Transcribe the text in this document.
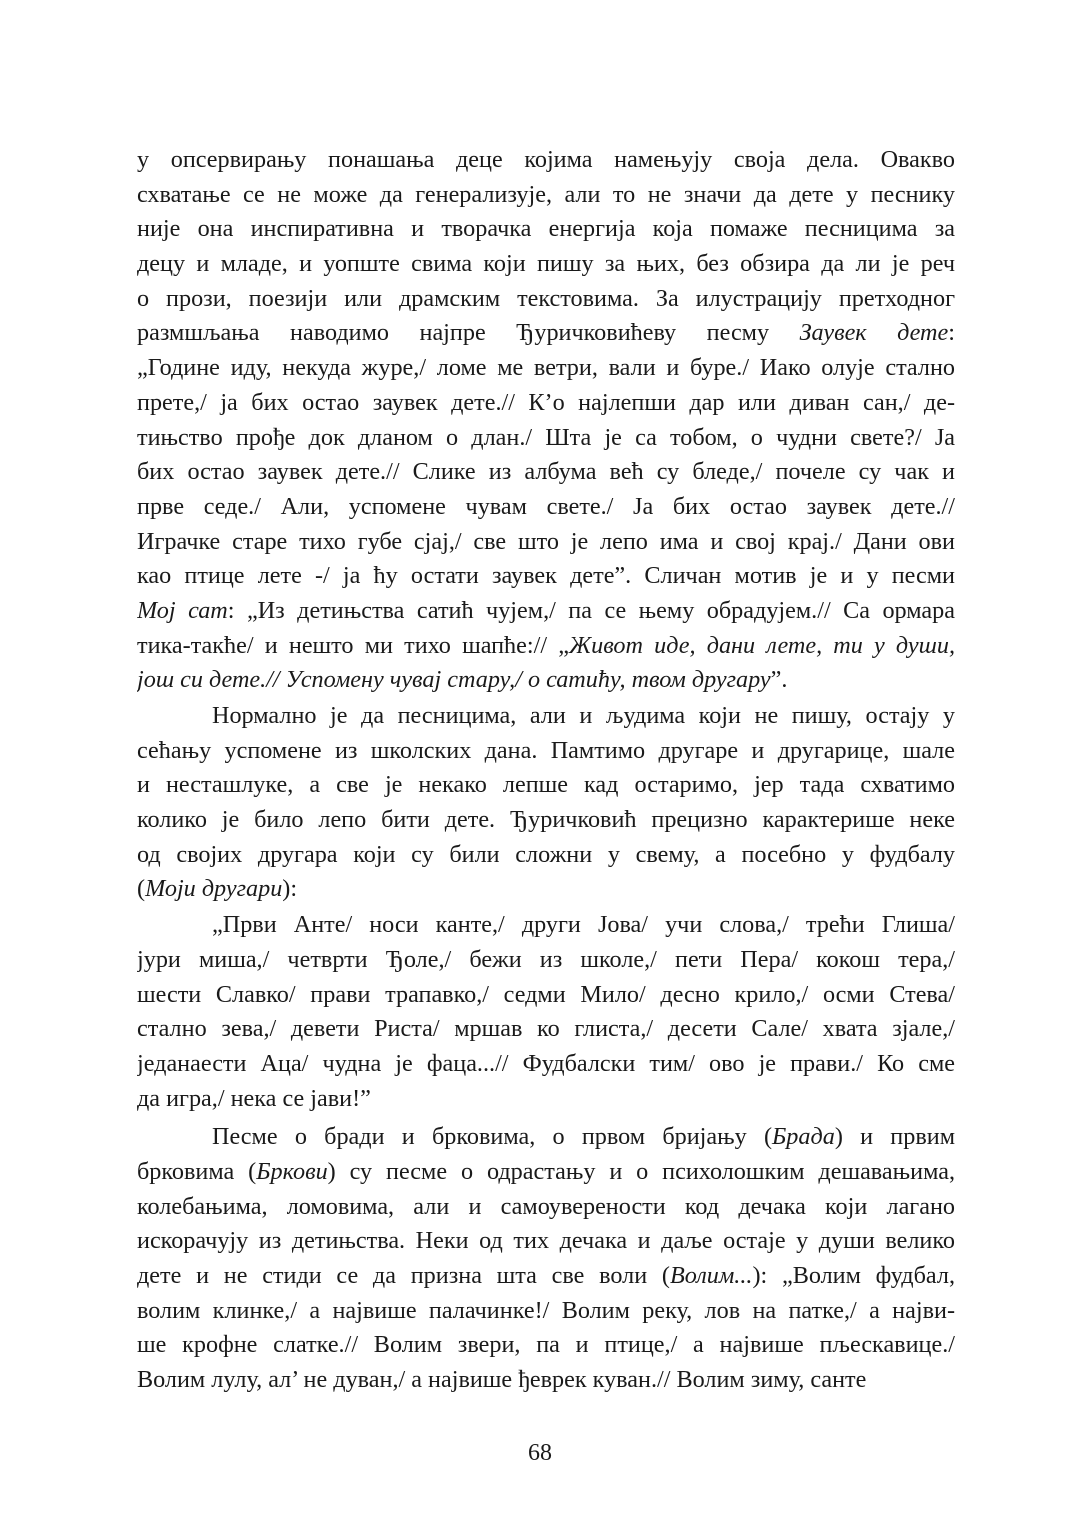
у опсервирању понашања деце којима намењују своја дела. Овакво
схватање се не може да генерализује, али то не значи да дете у песнику
није она инспиративна и творачка енергија која помаже песницима за
децу и младе, и уопште свима који пишу за њих, без обзира да ли је реч
о прози, поезији или драмским текстовима. За илустрацију претходног
размшљања наводимо најпре Ђуричковићеву песму Заувек дете:
„Године иду, некуда журе,/ ломе ме ветри, вали и буре./ Иако олује стално
прете,/ ја бих остао заувек дете.// К’о најлепши дар или диван сан,/ де-
тињство прође док дланом о длан./ Шта је са тобом, о чудни свете?/ Ја
бих остао заувек дете.// Слике из албума већ су бледе,/ почеле су чак и
прве седе./ Али, успомене чувам свете./ Ја бих остао заувек дете.//
Играчке старе тихо губе сјај,/ све што је лепо има и свој крај./ Дани ови
као птице лете -/ ја ћу остати заувек дете”. Сличан мотив је и у песми
Мој сат: „Из детињства сатић чујем,/ па се њему обрадујем.// Са ормара
тика-такће/ и нешто ми тихо шапће:// „Живот иде, дани лете, ти у души,
још си дете.// Успомену чувај стару,/ о сатићу, твом другару”.
Нормално је да песницима, али и људима који не пишу, остају у
сећању успомене из школских дана. Памтимо другаре и другарице, шале
и несташлуке, а све је некако лепше кад остаримо, јер тада схватимо
колико је било лепо бити дете. Ђуричковић прецизно карактерише неке
од својих другара који су били сложни у свему, а посебно у фудбалу
(Моји другари):
„Први Анте/ носи канте,/ други Јова/ учи слова,/ трећи Глиша/
јури миша,/ четврти Ђоле,/ бежи из школе,/ пети Пера/ кокош тера,/
шести Славко/ прави трапавко,/ седми Мило/ десно крило,/ осми Стева/
стално зева,/ девети Риста/ мршав ко глиста,/ десети Сале/ хвата зјале,/
једанаести Аца/ чудна је фаца...// Фудбалски тим/ ово је прави./ Ко сме
да игра,/ нека се јави!”
Песме о бради и брковима, о првом бријању (Брада) и првим
брковима (Бркови) су песме о одрастању и о психолошким дешавањима,
колебањима, ломовима, али и самоуверености код дечака који лагано
искорачују из детињства. Неки од тих дечака и даље остаје у души велико
дете и не стиди се да призна шта све воли (Волим...): „Волим фудбал,
волим клинке,/ а највише палачинке!/ Волим реку, лов на патке,/ а најви-
ше крофне слатке.// Волим звери, па и птице,/ а највише пљескавице./
Волим лулу, ал’ не дуван,/ а највише ђеврек куван.// Волим зиму, санте
68
